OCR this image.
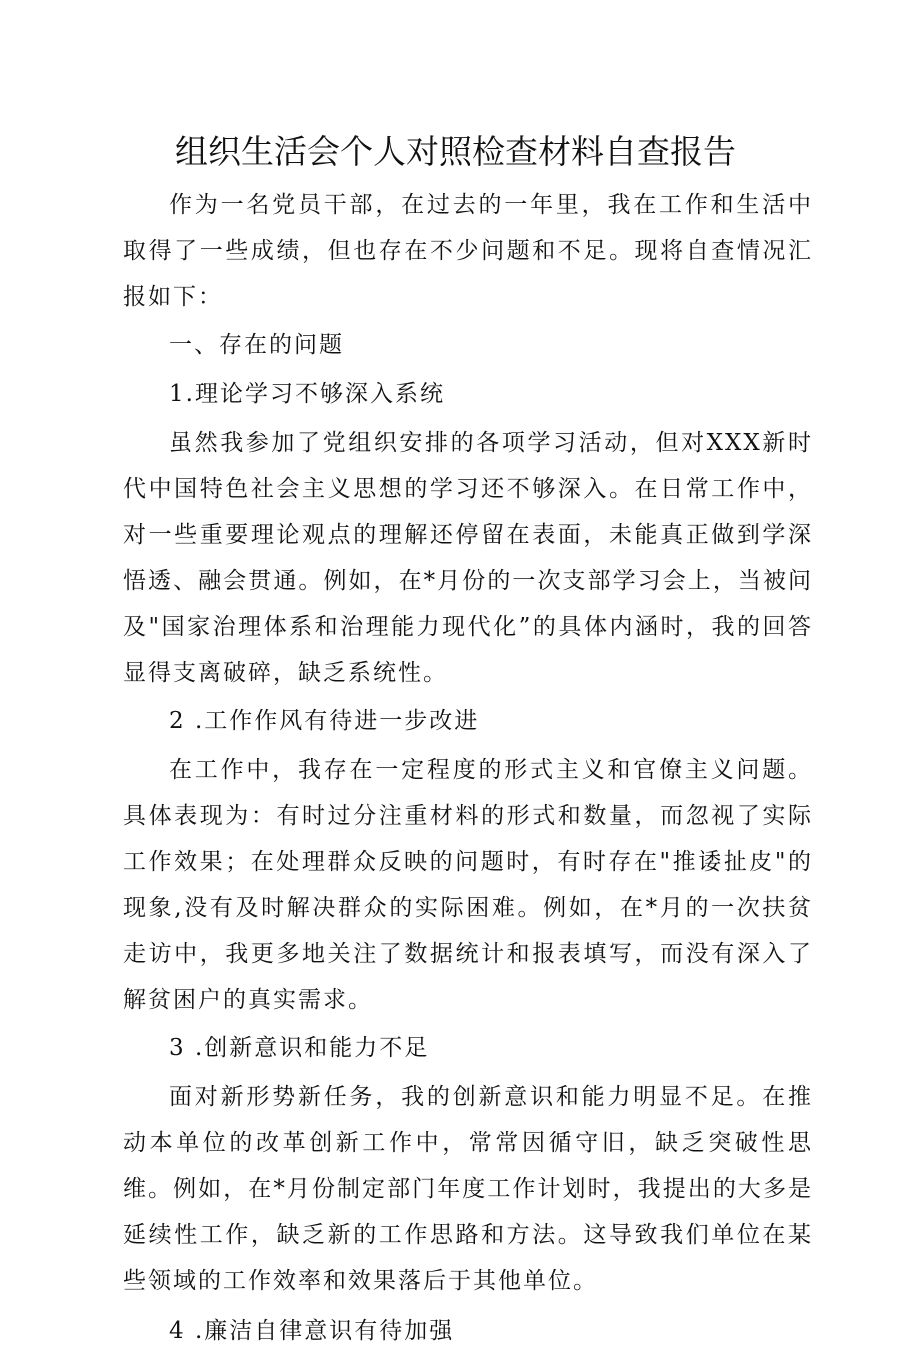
组织生活会个人对照检查材料自查报告

作为一名党员干部，在过去的一年里，我在工作和生活中取得了一些成绩，但也存在不少问题和不足。现将自查情况汇报如下：

一、存在的问题

1.理论学习不够深入系统

虽然我参加了党组织安排的各项学习活动，但对XXX新时代中国特色社会主义思想的学习还不够深入。在日常工作中，对一些重要理论观点的理解还停留在表面，未能真正做到学深悟透、融会贯通。例如，在*月份的一次支部学习会上，当被问及"国家治理体系和治理能力现代化”的具体内涵时，我的回答显得支离破碎，缺乏系统性。

2 .工作作风有待进一步改进

在工作中，我存在一定程度的形式主义和官僚主义问题。具体表现为：有时过分注重材料的形式和数量，而忽视了实际工作效果；在处理群众反映的问题时，有时存在"推诿扯皮"的现象,没有及时解决群众的实际困难。例如，在*月的一次扶贫走访中，我更多地关注了数据统计和报表填写，而没有深入了解贫困户的真实需求。

3 .创新意识和能力不足

面对新形势新任务，我的创新意识和能力明显不足。在推动本单位的改革创新工作中，常常因循守旧，缺乏突破性思维。例如，在*月份制定部门年度工作计划时，我提出的大多是延续性工作，缺乏新的工作思路和方法。这导致我们单位在某些领域的工作效率和效果落后于其他单位。

4 .廉洁自律意识有待加强
